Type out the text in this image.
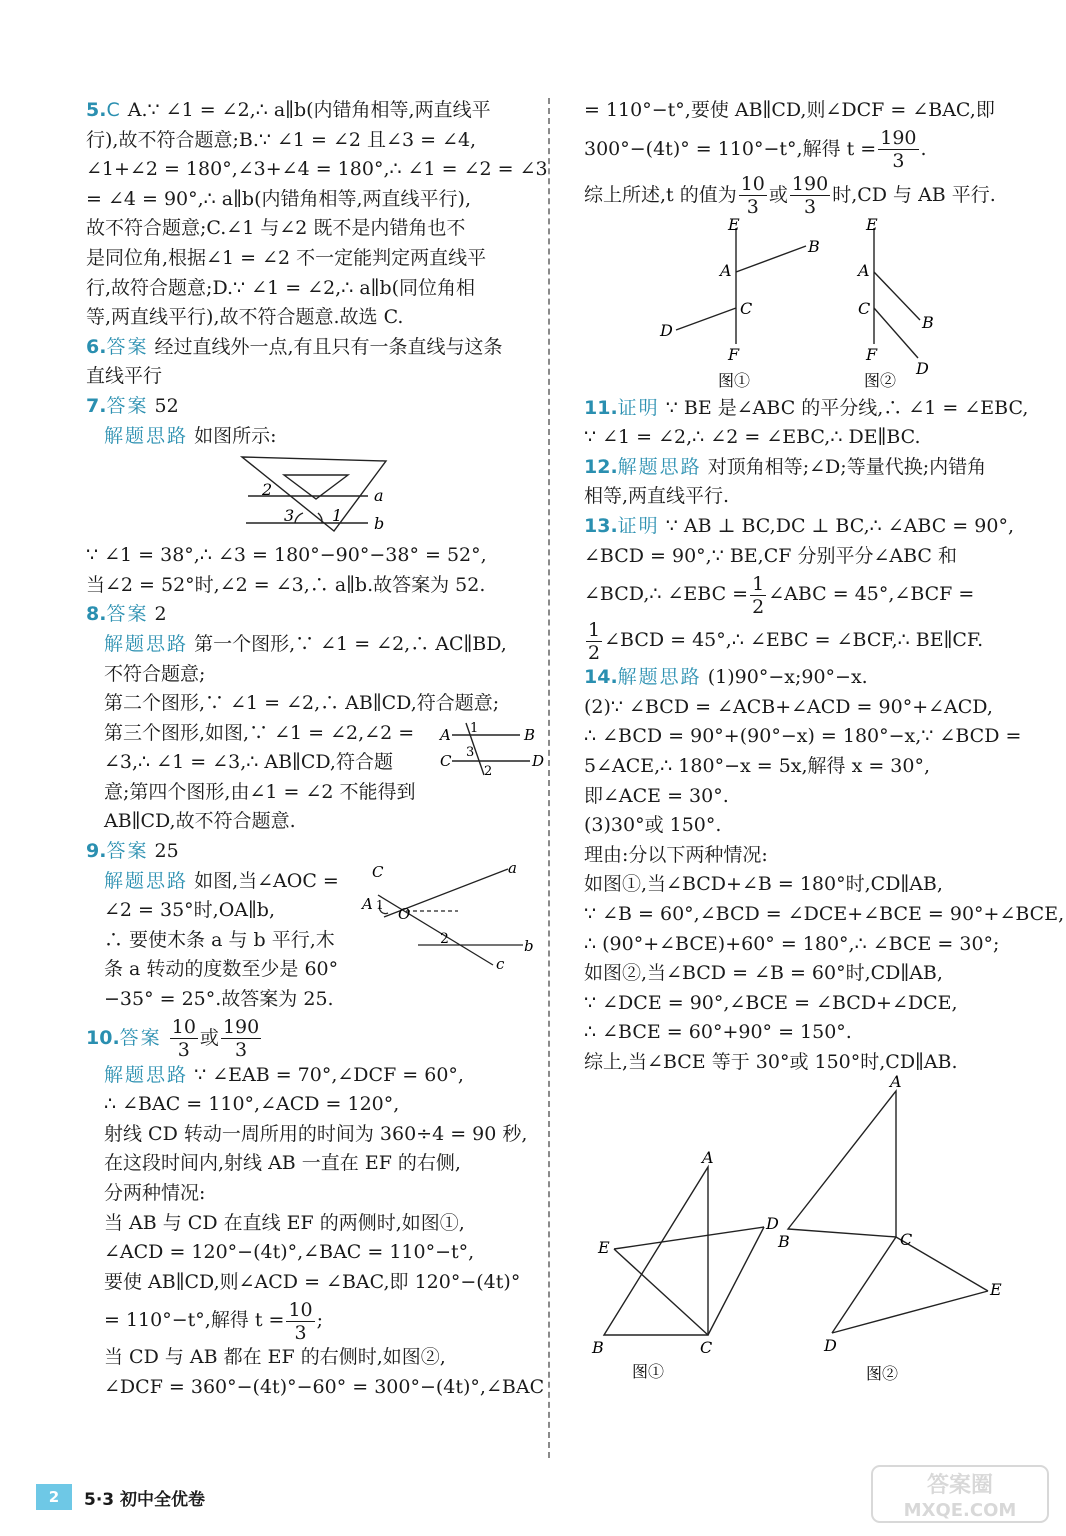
5.C A.∵ ∠1 = ∠2,∴ a∥b(内错角相等,两直线平
行),故不符合题意;B.∵ ∠1 = ∠2 且∠3 = ∠4,
∠1+∠2 = 180°,∠3+∠4 = 180°,∴ ∠1 = ∠2 = ∠3
= ∠4 = 90°,∴ a∥b(内错角相等,两直线平行),
故不符合题意;C.∠1 与∠2 既不是内错角也不
是同位角,根据∠1 = ∠2 不一定能判定两直线平
行,故符合题意;D.∵ ∠1 = ∠2,∴ a∥b(同位角相
等,两直线平行),故不符合题意.故选 C.
6.答案 经过直线外一点,有且只有一条直线与这条
直线平行
7.答案 52
解题思路 如图所示:
2
3 1
a
b
∵ ∠1 = 38°,∴ ∠3 = 180°−90°−38° = 52°,
当∠2 = 52°时,∠2 = ∠3,∴ a∥b.故答案为 52.
8.答案 2
解题思路 第一个图形,∵ ∠1 = ∠2,∴ AC∥BD,
不符合题意;
第二个图形,∵ ∠1 = ∠2,∴ AB∥CD,符合题意;
第三个图形,如图,∵ ∠1 = ∠2,∠2 = A	B
C	D
1
3
2
∠3,∴ ∠1 = ∠3,∴ AB∥CD,符合题
意;第四个图形,由∠1 = ∠2 不能得到
AB∥CD,故不符合题意.
9.答案 25
解题思路 如图,当∠AOC = C
A 1 O
a
b
c
2
∠2 = 35°时,OA∥b,
∴ 要使木条 a 与 b 平行,木
条 a 转动的度数至少是 60°
−35° = 25°.故答案为 25.
10.答案 $\frac{10}{3}$ 或 $\frac{190}{3}$
解题思路 ∵ ∠EAB = 70°,∠DCF = 60°,
∴ ∠BAC = 110°,∠ACD = 120°,
射线 CD 转动一周所用的时间为 360÷4 = 90 秒,
在这段时间内,射线 AB 一直在 EF 的右侧,
分两种情况:
当 AB 与 CD 在直线 EF 的两侧时,如图①,
∠ACD = 120°−(4t)°,∠BAC = 110°−t°,
要使 AB∥CD,则∠ACD = ∠BAC,即 120°−(4t)°
= 110°−t°,解得 $t = \frac{10}{3}$ ;
当 CD 与 AB 都在 EF 的右侧时,如图②,
∠DCF = 360°−(4t)°−60° = 300°−(4t)°,∠BAC
= 110°−t°,要使 AB∥CD,则∠DCF = ∠BAC,即
300°−(4t)° = 110°−t°,解得 $t = \frac{190}{3}$ .
综上所述,t 的值为 $\frac{10}{3}$ 或 $\frac{190}{3}$ 时,CD 与 AB 平行.
E
B
A
C
D
F
图①
E
A
C
B
F
D
图②
11.证明 ∵ BE 是∠ABC 的平分线,∴ ∠1 = ∠EBC,
∵ ∠1 = ∠2,∴ ∠2 = ∠EBC,∴ DE∥BC.
12.解题思路 对顶角相等;∠D;等量代换;内错角
相等,两直线平行.
13.证明 ∵ AB ⊥ BC,DC ⊥ BC,∴ ∠ABC = 90°,
∠BCD = 90°,∵ BE,CF 分别平分∠ABC 和
∠BCD,∴ ∠EBC = $\frac{1}{2}$ ∠ABC = 45°,∠BCF =
$\frac{1}{2}$ ∠BCD = 45°,∴ ∠EBC = ∠BCF,∴ BE∥CF.
14.解题思路 (1)90°−x;90°−x.
(2)∵ ∠BCD = ∠ACB+∠ACD = 90°+∠ACD,
∴ ∠BCD = 90°+(90°−x) = 180°−x,∵ ∠BCD =
5∠ACE,∴ 180°−x = 5x,解得 x = 30°,
即∠ACE = 30°.
(3)30°或 150°.
理由:分以下两种情况:
如图①,当∠BCD+∠B = 180°时,CD∥AB,
∵ ∠B = 60°,∠BCD = ∠DCE+∠BCE = 90°+∠BCE,
∴ (90°+∠BCE)+60° = 180°,∴ ∠BCE = 30°;
如图②,当∠BCD = ∠B = 60°时,CD∥AB,
∵ ∠DCE = 90°,∠BCE = ∠BCD+∠DCE,
∴ ∠BCE = 60°+90° = 150°.
综上,当∠BCE 等于 30°或 150°时,CD∥AB.
A
D
E
B	C
图①
A
B	C
D
E
图②
2	5·3 初中全优卷
答案圈
MXQE.COM
